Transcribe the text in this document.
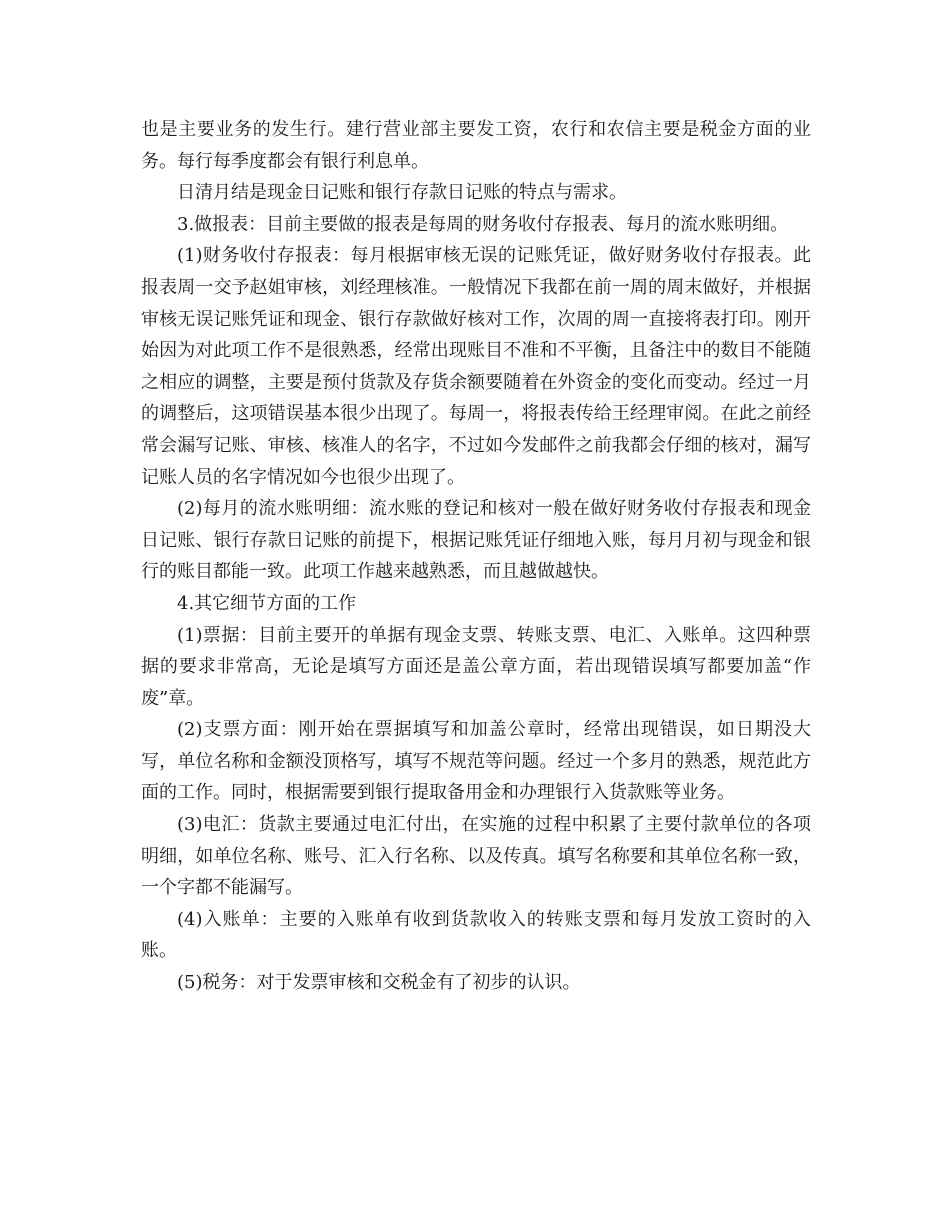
也是主要业务的发生行。建行营业部主要发工资，农行和农信主要是税金方面的业务。每行每季度都会有银行利息单。

日清月结是现金日记账和银行存款日记账的特点与需求。

3.做报表：目前主要做的报表是每周的财务收付存报表、每月的流水账明细。

(1)财务收付存报表：每月根据审核无误的记账凭证，做好财务收付存报表。此报表周一交予赵姐审核，刘经理核准。一般情况下我都在前一周的周末做好，并根据审核无误记账凭证和现金、银行存款做好核对工作，次周的周一直接将表打印。刚开始因为对此项工作不是很熟悉，经常出现账目不准和不平衡，且备注中的数目不能随之相应的调整，主要是预付货款及存货余额要随着在外资金的变化而变动。经过一月的调整后，这项错误基本很少出现了。每周一，将报表传给王经理审阅。在此之前经常会漏写记账、审核、核准人的名字，不过如今发邮件之前我都会仔细的核对，漏写记账人员的名字情况如今也很少出现了。

(2)每月的流水账明细：流水账的登记和核对一般在做好财务收付存报表和现金日记账、银行存款日记账的前提下，根据记账凭证仔细地入账，每月月初与现金和银行的账目都能一致。此项工作越来越熟悉，而且越做越快。

4.其它细节方面的工作

(1)票据：目前主要开的单据有现金支票、转账支票、电汇、入账单。这四种票据的要求非常高，无论是填写方面还是盖公章方面，若出现错误填写都要加盖“作废”章。

(2)支票方面：刚开始在票据填写和加盖公章时，经常出现错误，如日期没大写，单位名称和金额没顶格写，填写不规范等问题。经过一个多月的熟悉，规范此方面的工作。同时，根据需要到银行提取备用金和办理银行入货款账等业务。

(3)电汇：货款主要通过电汇付出，在实施的过程中积累了主要付款单位的各项明细，如单位名称、账号、汇入行名称、以及传真。填写名称要和其单位名称一致，一个字都不能漏写。

(4)入账单：主要的入账单有收到货款收入的转账支票和每月发放工资时的入账。

(5)税务：对于发票审核和交税金有了初步的认识。
